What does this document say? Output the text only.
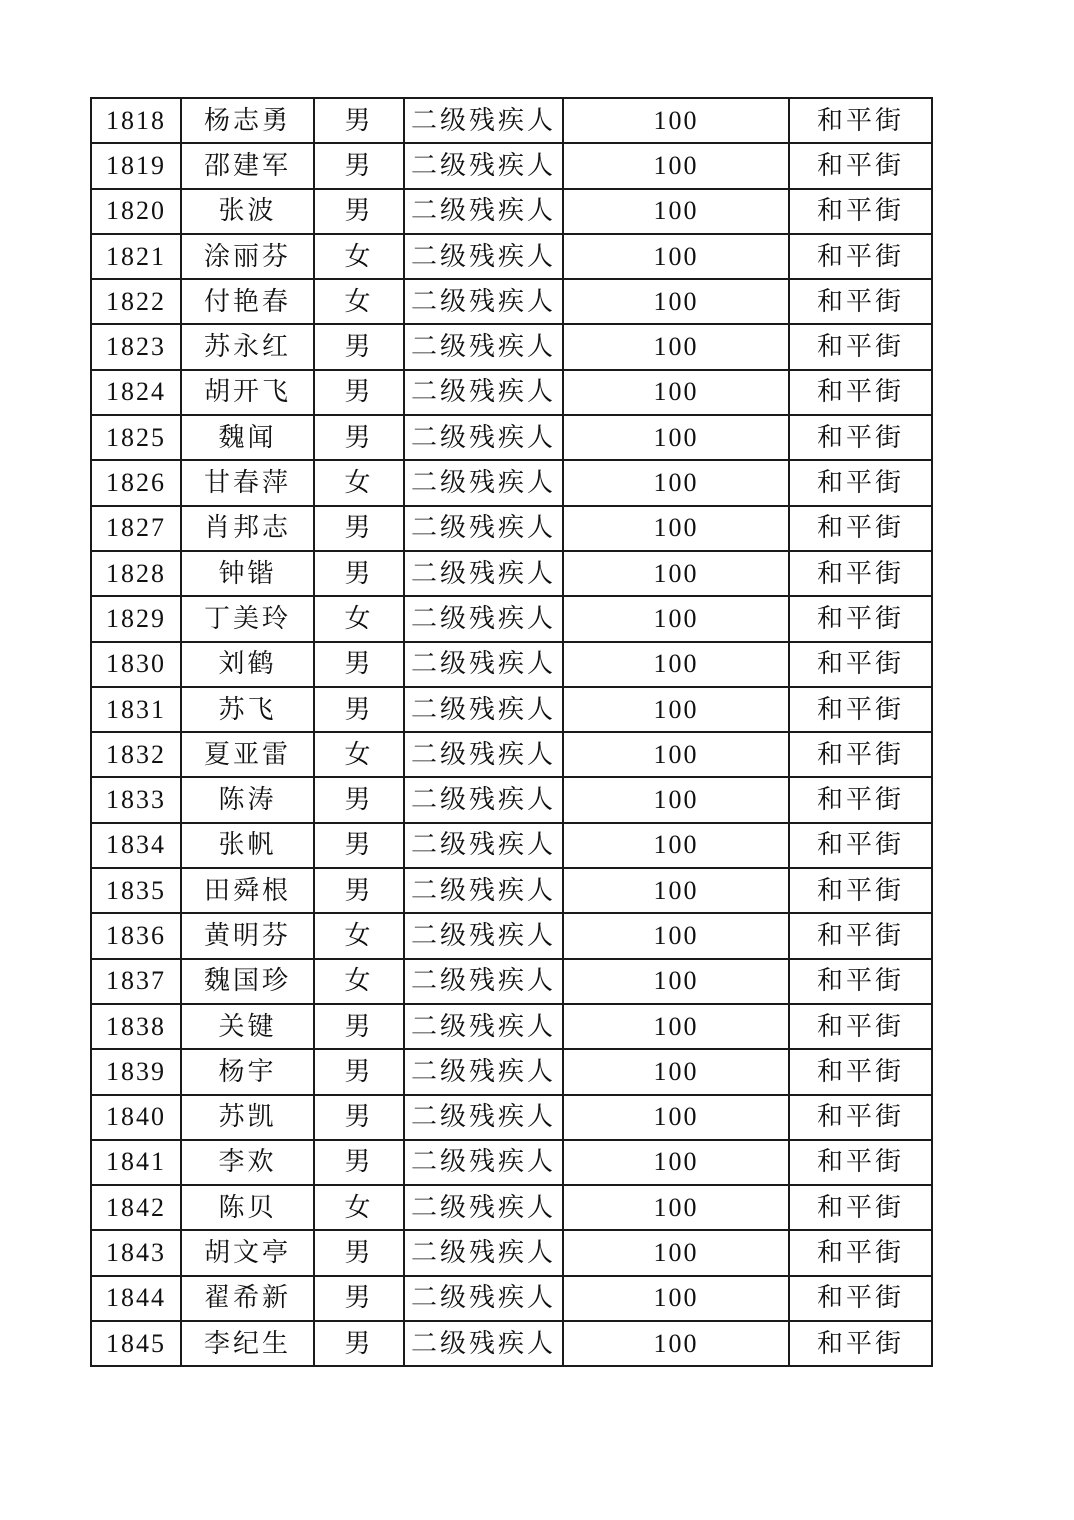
1818	杨志勇	男	二级残疾人	100	和平街
1819	邵建军	男	二级残疾人	100	和平街
1820	张波	男	二级残疾人	100	和平街
1821	涂丽芬	女	二级残疾人	100	和平街
1822	付艳春	女	二级残疾人	100	和平街
1823	苏永红	男	二级残疾人	100	和平街
1824	胡开飞	男	二级残疾人	100	和平街
1825	魏闻	男	二级残疾人	100	和平街
1826	甘春萍	女	二级残疾人	100	和平街
1827	肖邦志	男	二级残疾人	100	和平街
1828	钟锴	男	二级残疾人	100	和平街
1829	丁美玲	女	二级残疾人	100	和平街
1830	刘鹤	男	二级残疾人	100	和平街
1831	苏飞	男	二级残疾人	100	和平街
1832	夏亚雷	女	二级残疾人	100	和平街
1833	陈涛	男	二级残疾人	100	和平街
1834	张帆	男	二级残疾人	100	和平街
1835	田舜根	男	二级残疾人	100	和平街
1836	黄明芬	女	二级残疾人	100	和平街
1837	魏国珍	女	二级残疾人	100	和平街
1838	关键	男	二级残疾人	100	和平街
1839	杨宇	男	二级残疾人	100	和平街
1840	苏凯	男	二级残疾人	100	和平街
1841	李欢	男	二级残疾人	100	和平街
1842	陈贝	女	二级残疾人	100	和平街
1843	胡文亭	男	二级残疾人	100	和平街
1844	翟希新	男	二级残疾人	100	和平街
1845	李纪生	男	二级残疾人	100	和平街
